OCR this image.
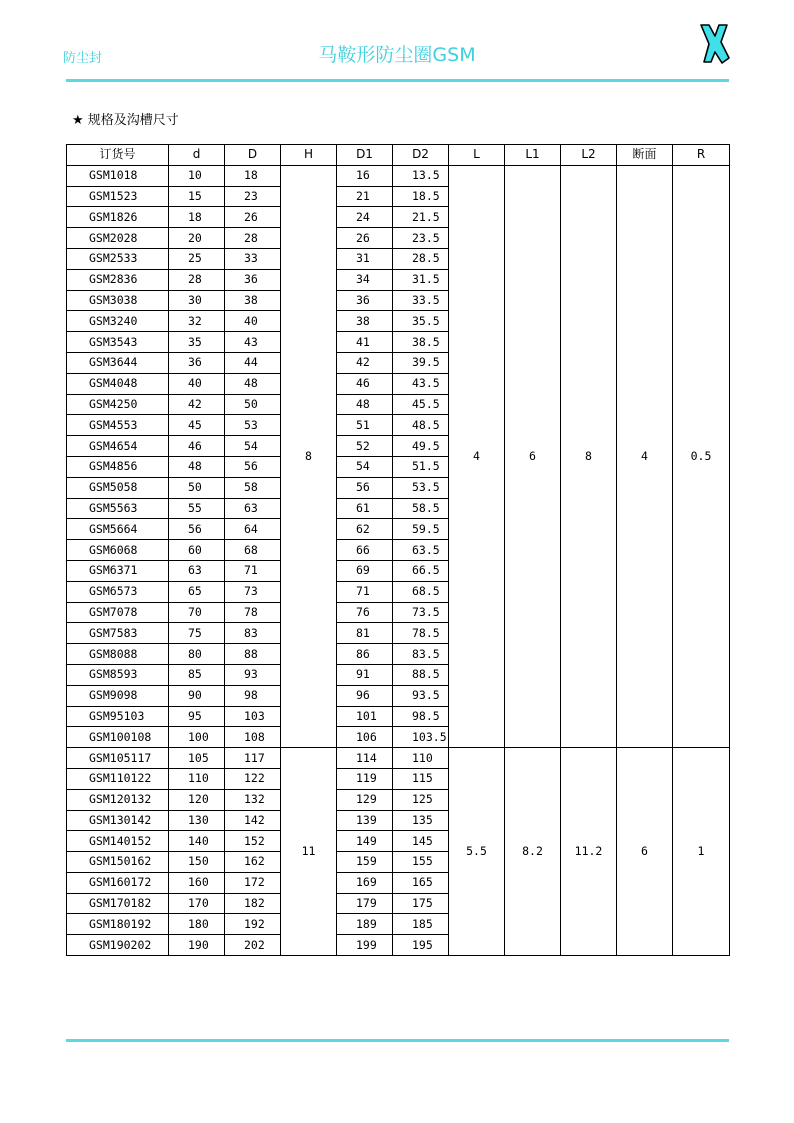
防尘封	马鞍形防尘圈GSM
★ 规格及沟槽尺寸
订货号	d	D	H	D1	D2	L	L1	L2	断面	R
GSM1018	10	18	8	16	13.5	4	6	8	4	0.5
GSM1523	15	23		21	18.5					
GSM1826	18	26		24	21.5					
GSM2028	20	28		26	23.5					
GSM2533	25	33		31	28.5					
GSM2836	28	36		34	31.5					
GSM3038	30	38		36	33.5					
GSM3240	32	40		38	35.5					
GSM3543	35	43		41	38.5					
GSM3644	36	44		42	39.5					
GSM4048	40	48		46	43.5					
GSM4250	42	50		48	45.5					
GSM4553	45	53		51	48.5					
GSM4654	46	54		52	49.5					
GSM4856	48	56		54	51.5					
GSM5058	50	58		56	53.5					
GSM5563	55	63		61	58.5					
GSM5664	56	64		62	59.5					
GSM6068	60	68		66	63.5					
GSM6371	63	71		69	66.5					
GSM6573	65	73		71	68.5					
GSM7078	70	78		76	73.5					
GSM7583	75	83		81	78.5					
GSM8088	80	88		86	83.5					
GSM8593	85	93		91	88.5					
GSM9098	90	98		96	93.5					
GSM95103	95	103		101	98.5					
GSM100108	100	108		106	103.5					
GSM105117	105	117	11	114	110	5.5	8.2	11.2	6	1
GSM110122	110	122		119	115					
GSM120132	120	132		129	125					
GSM130142	130	142		139	135					
GSM140152	140	152		149	145					
GSM150162	150	162		159	155					
GSM160172	160	172		169	165					
GSM170182	170	182		179	175					
GSM180192	180	192		189	185					
GSM190202	190	202		199	195					
